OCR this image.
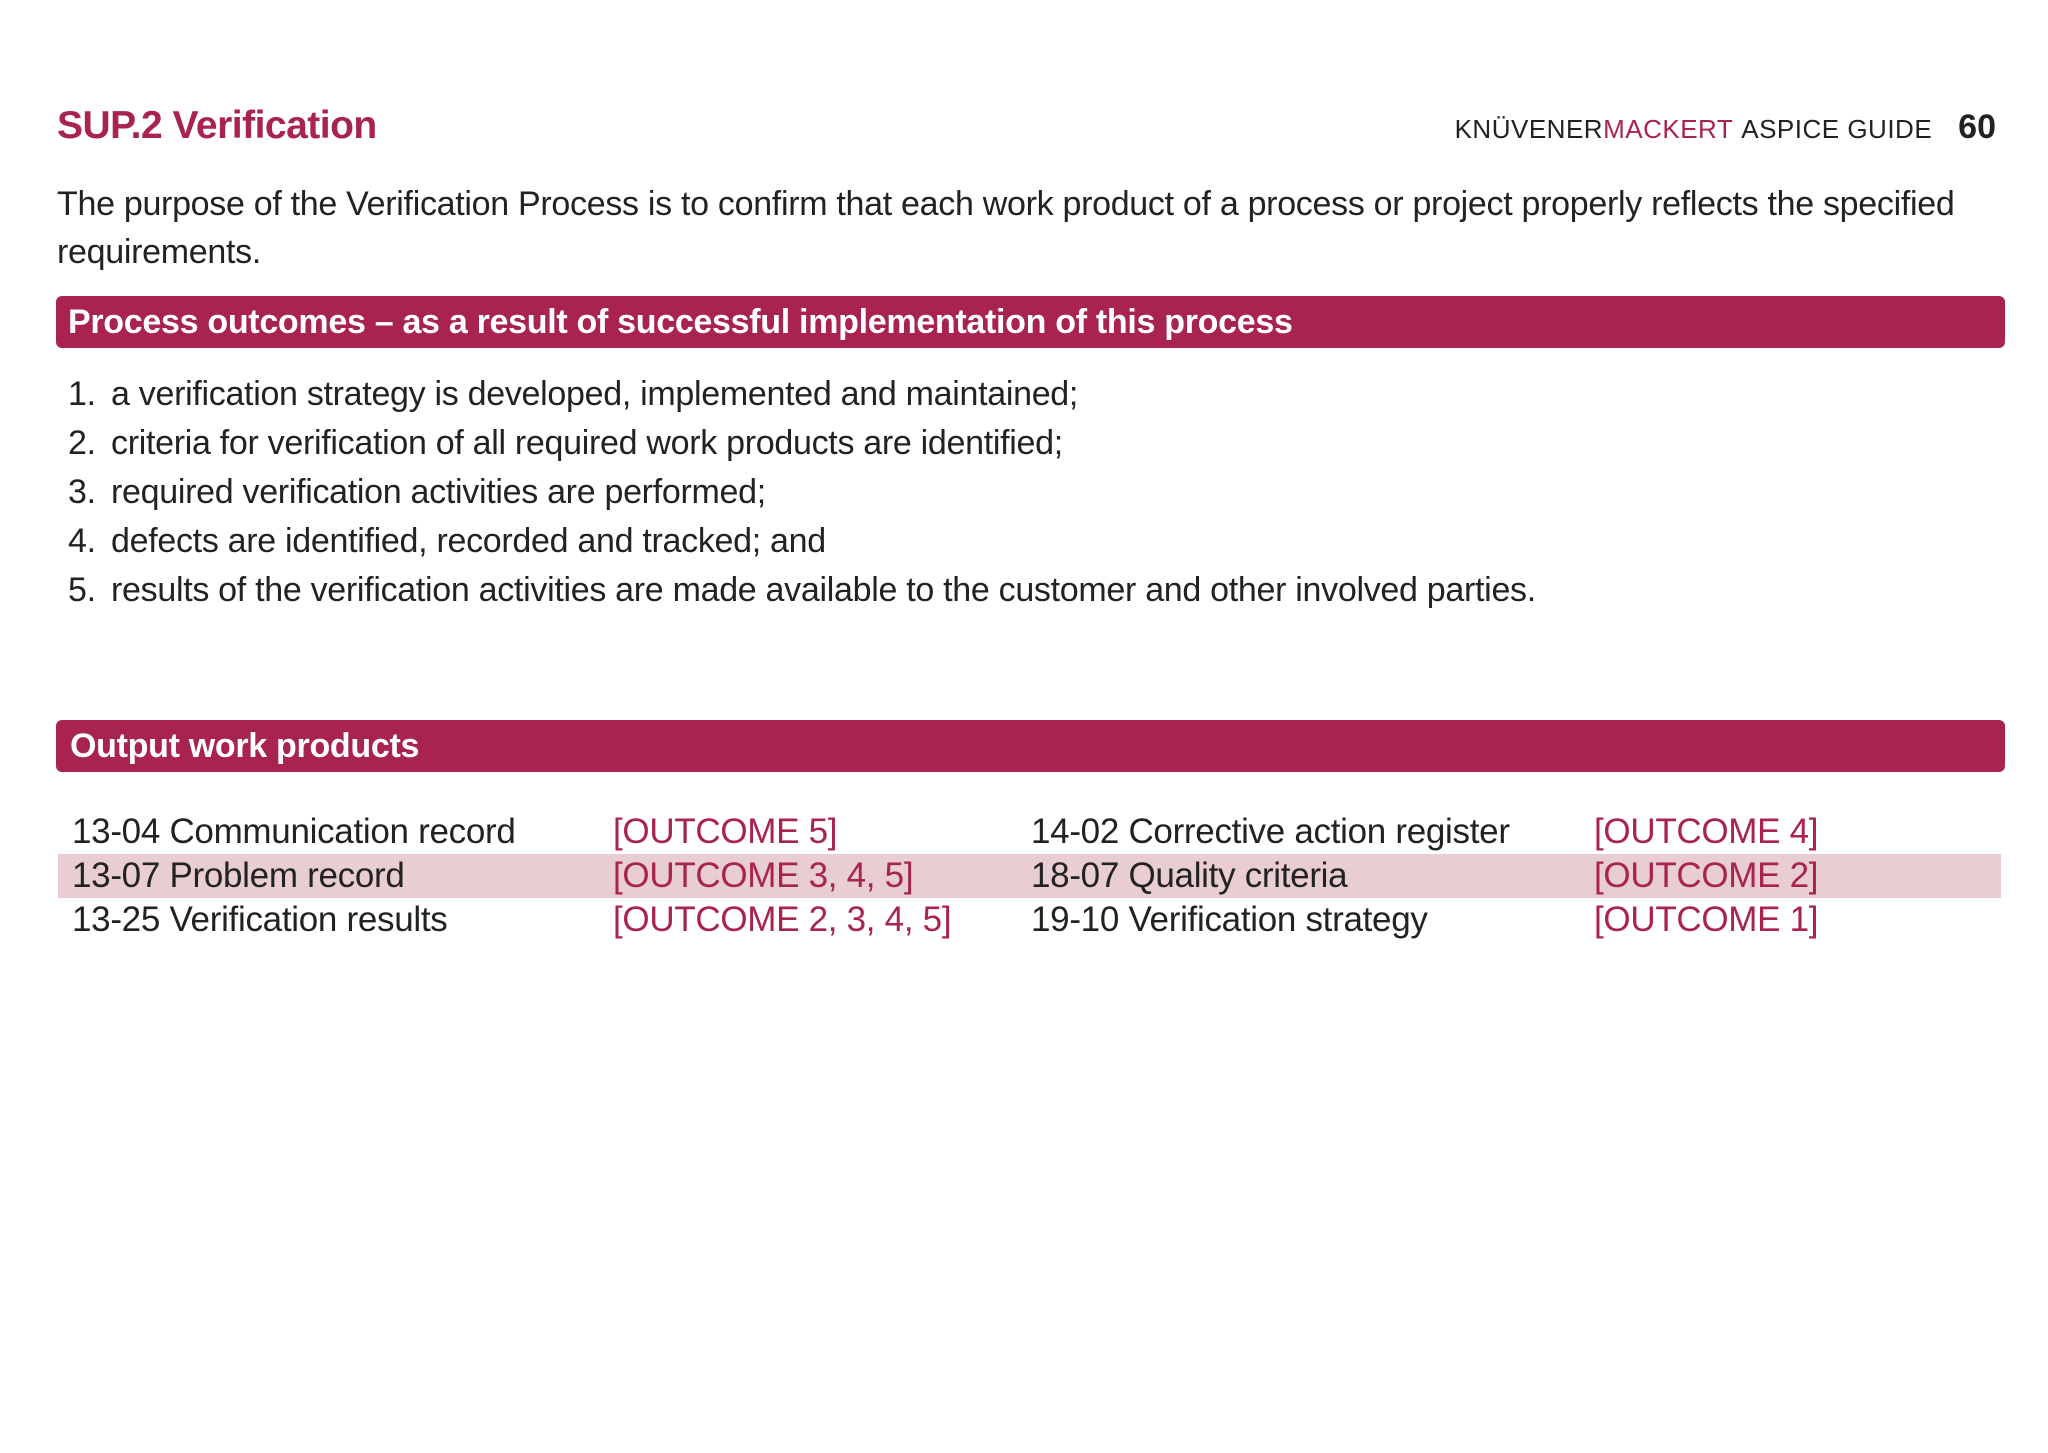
SUP.2 Verification	KNÜVENERMACKERT ASPICE GUIDE 60
The purpose of the Verification Process is to confirm that each work product of a process or project properly reflects the specified requirements.
Process outcomes – as a result of successful implementation of this process
1. a verification strategy is developed, implemented and maintained;
2. criteria for verification of all required work products are identified;
3. required verification activities are performed;
4. defects are identified, recorded and tracked; and
5. results of the verification activities are made available to the customer and other involved parties.
Output work products
13-04 Communication record	[OUTCOME 5]	14-02 Corrective action register [OUTCOME 4]
13-07 Problem record	[OUTCOME 3, 4, 5]	18-07 Quality criteria	[OUTCOME 2]
13-25 Verification results	[OUTCOME 2, 3, 4, 5] 19-10 Verification strategy	[OUTCOME 1]
